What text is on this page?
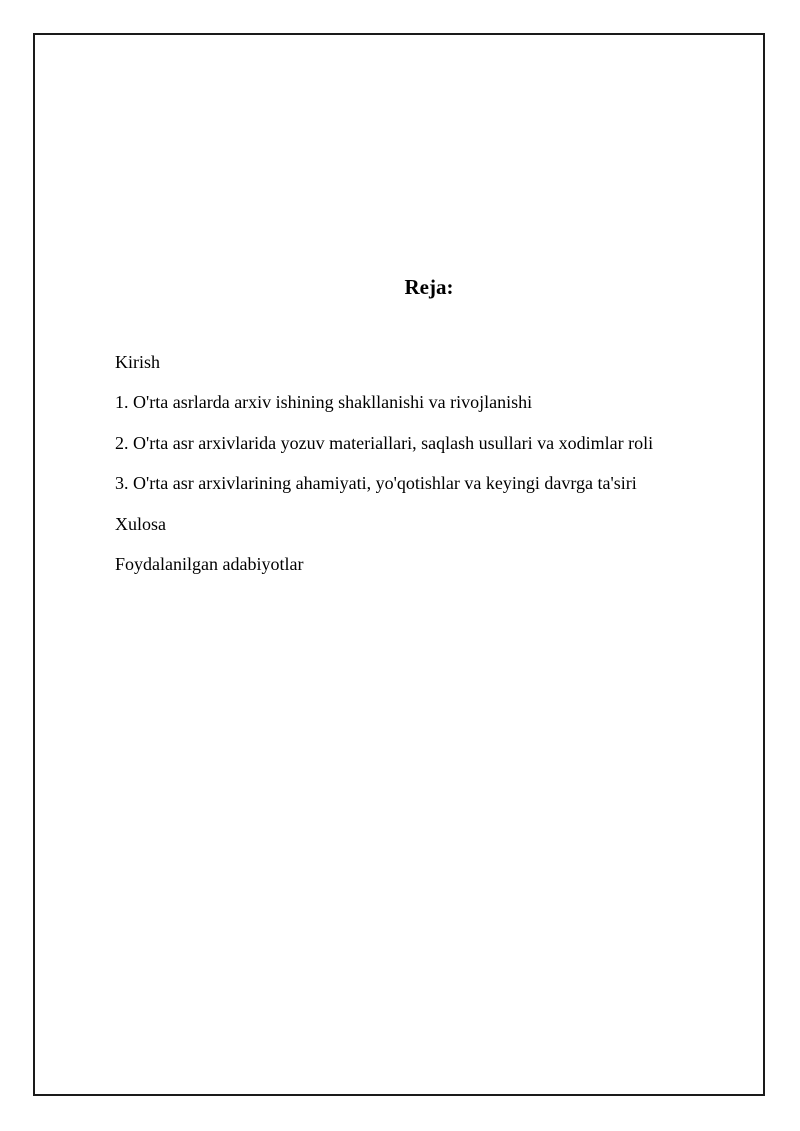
Reja:
Kirish
1. O'rta asrlarda arxiv ishining shakllanishi va rivojlanishi
2. O'rta asr arxivlarida yozuv materiallari, saqlash usullari va xodimlar roli
3. O'rta asr arxivlarining ahamiyati, yo'qotishlar va keyingi davrga ta'siri
Xulosa
Foydalanilgan adabiyotlar
